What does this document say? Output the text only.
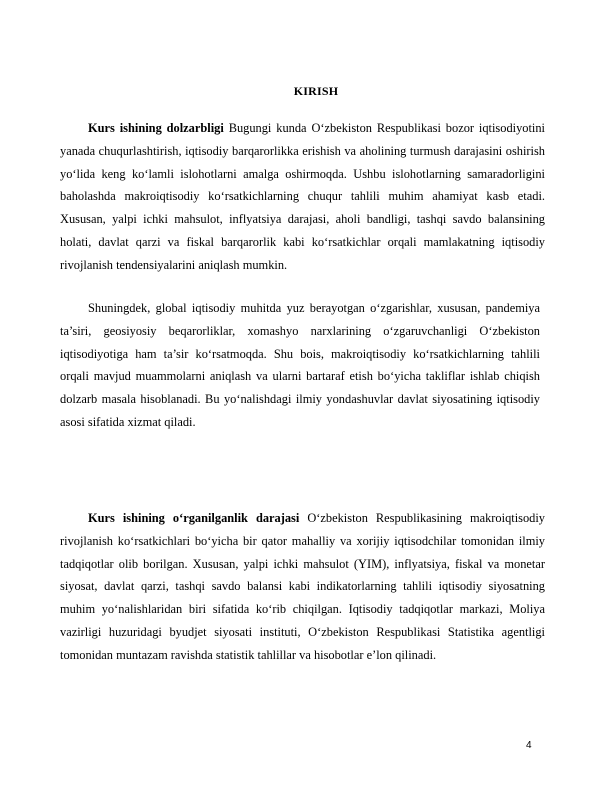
KIRISH

Kurs ishining dolzarbligi Bugungi kunda O‘zbekiston Respublikasi bozor iqtisodiyotini yanada chuqurlashtirish, iqtisodiy barqarorlikka erishish va aholining turmush darajasini oshirish yo‘lida keng ko‘lamli islohotlarni amalga oshirmoqda. Ushbu islohotlarning samaradorligini baholashda makroiqtisodiy ko‘rsatkichlarning chuqur tahlili muhim ahamiyat kasb etadi. Xususan, yalpi ichki mahsulot, inflyatsiya darajasi, aholi bandligi, tashqi savdo balansining holati, davlat qarzi va fiskal barqarorlik kabi ko‘rsatkichlar orqali mamlakatning iqtisodiy rivojlanish tendensiyalarini aniqlash mumkin.

Shuningdek, global iqtisodiy muhitda yuz berayotgan o‘zgarishlar, xususan, pandemiya ta’siri, geosiyosiy beqarorliklar, xomashyo narxlarining o‘zgaruvchanligi O‘zbekiston iqtisodiyotiga ham ta’sir ko‘rsatmoqda. Shu bois, makroiqtisodiy ko‘rsatkichlarning tahlili orqali mavjud muammolarni aniqlash va ularni bartaraf etish bo‘yicha takliflar ishlab chiqish dolzarb masala hisoblanadi. Bu yo‘nalishdagi ilmiy yondashuvlar davlat siyosatining iqtisodiy asosi sifatida xizmat qiladi.

Kurs ishining o‘rganilganlik darajasi O‘zbekiston Respublikasining makroiqtisodiy rivojlanish ko‘rsatkichlari bo‘yicha bir qator mahalliy va xorijiy iqtisodchilar tomonidan ilmiy tadqiqotlar olib borilgan. Xususan, yalpi ichki mahsulot (YIM), inflyatsiya, fiskal va monetar siyosat, davlat qarzi, tashqi savdo balansi kabi indikatorlarning tahlili iqtisodiy siyosatning muhim yo‘nalishlaridan biri sifatida ko‘rib chiqilgan. Iqtisodiy tadqiqotlar markazi, Moliya vazirligi huzuridagi byudjet siyosati instituti, O‘zbekiston Respublikasi Statistika agentligi tomonidan muntazam ravishda statistik tahlillar va hisobotlar e’lon qilinadi.

4
